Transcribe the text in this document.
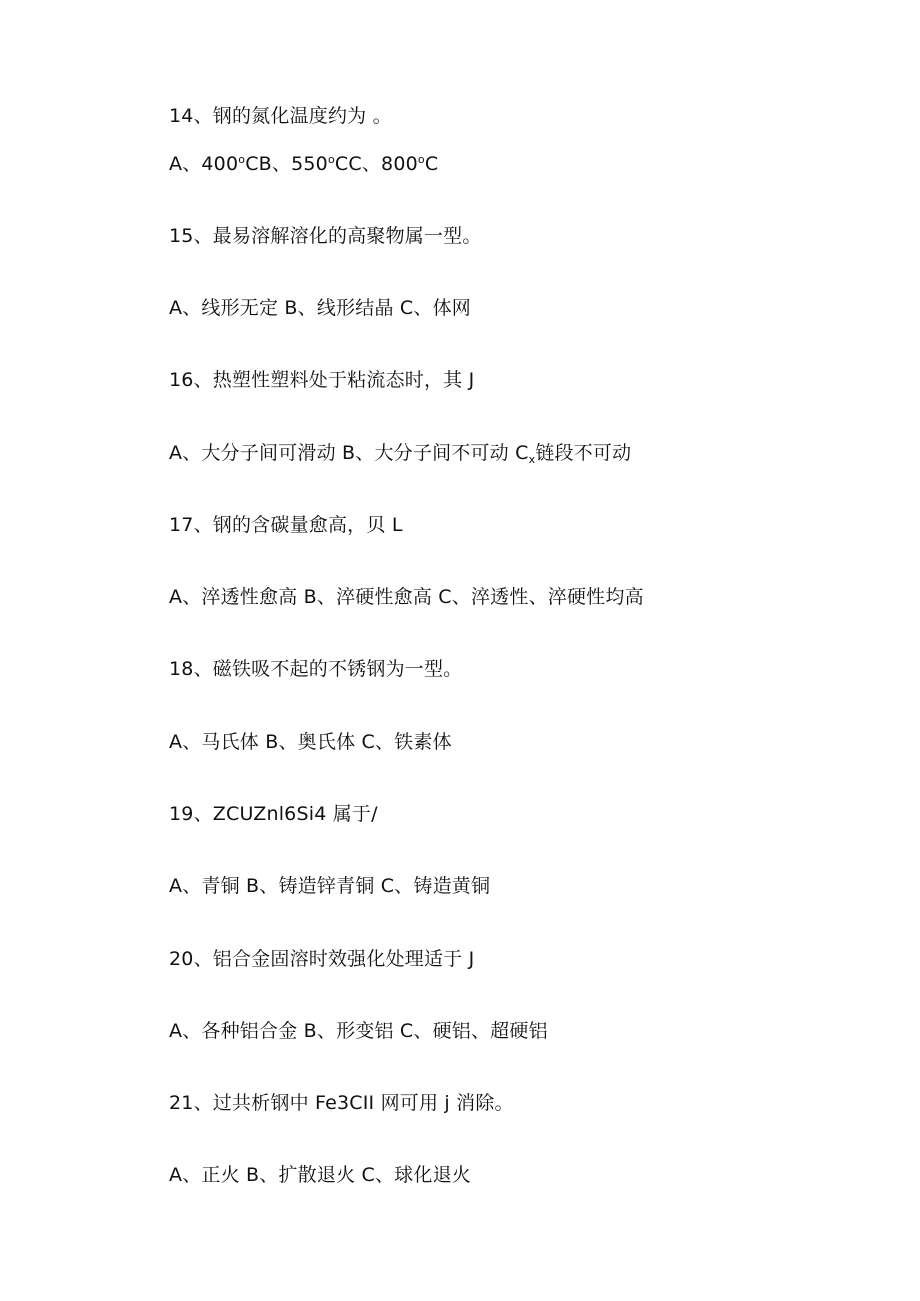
14、钢的氮化温度约为 。
A、400$^o$CB、550$^o$CC、800$^o$C
15、最易溶解溶化的高聚物属一型。
A、线形无定 B、线形结晶 C、体网
16、热塑性塑料处于粘流态时，其 J
A、大分子间可滑动 B、大分子间不可动 $C_x$链段不可动
17、钢的含碳量愈高，贝 L
A、淬透性愈高 B、淬硬性愈高 C、淬透性、淬硬性均高
18、磁铁吸不起的不锈钢为一型。
A、马氏体 B、奥氏体 C、铁素体
19、ZCUZnl6Si4 属于/
A、青铜 B、铸造锌青铜 C、铸造黄铜
20、铝合金固溶时效强化处理适于 J
A、各种铝合金 B、形变铝 C、硬铝、超硬铝
21、过共析钢中 Fe3CII 网可用 j 消除。
A、正火 B、扩散退火 C、球化退火
